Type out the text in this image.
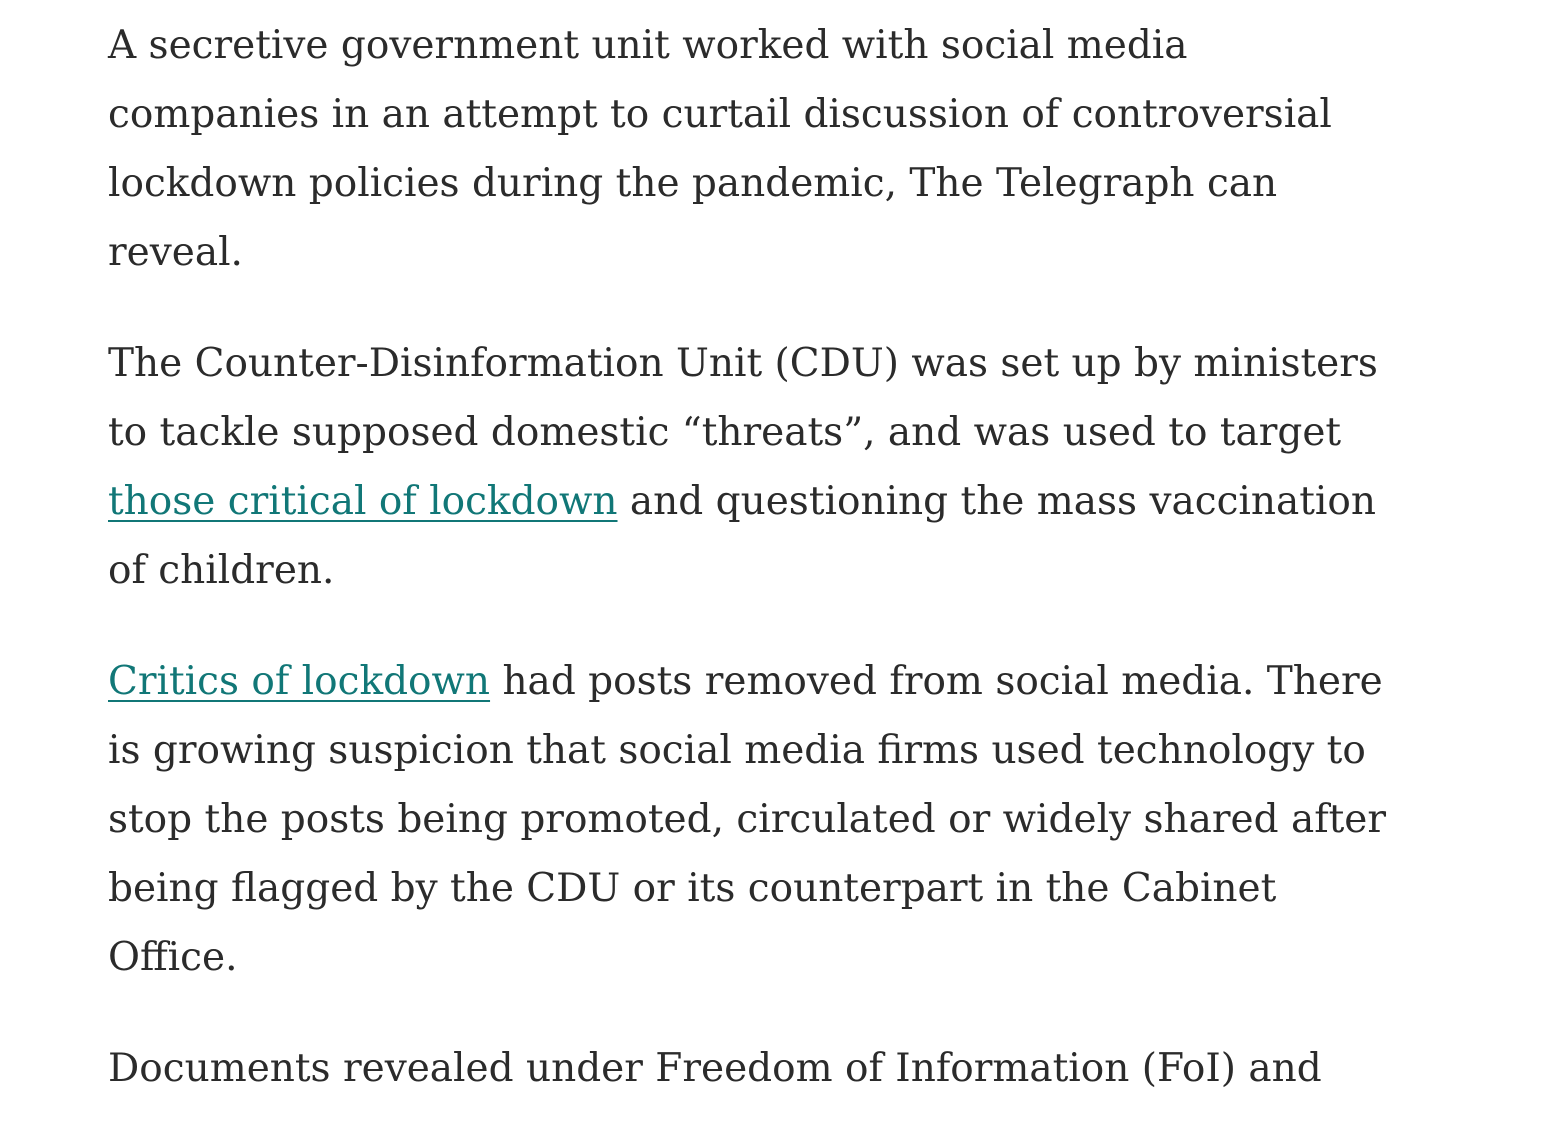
A secretive government unit worked with social media companies in an attempt to curtail discussion of controversial lockdown policies during the pandemic, The Telegraph can reveal.

The Counter-Disinformation Unit (CDU) was set up by ministers to tackle supposed domestic “threats”, and was used to target those critical of lockdown and questioning the mass vaccination of children.

Critics of lockdown had posts removed from social media. There is growing suspicion that social media firms used technology to stop the posts being promoted, circulated or widely shared after being flagged by the CDU or its counterpart in the Cabinet Office.

Documents revealed under Freedom of Information (FoI) and
